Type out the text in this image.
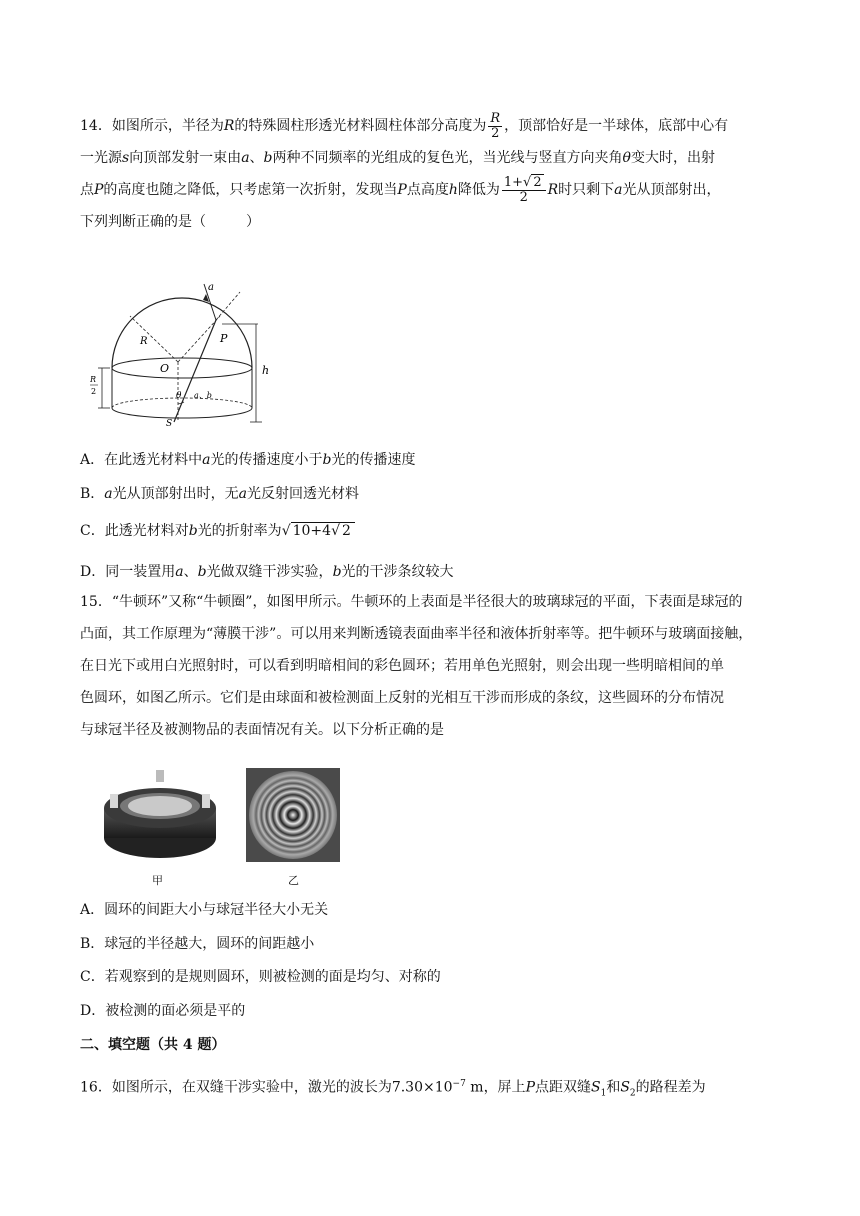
14．如图所示，半径为R的特殊圆柱形透光材料圆柱体部分高度为 $\frac{R}{2}$ ，顶部恰好是一半球体，底部中心有
一光源s向顶部发射一束由a、b两种不同频率的光组成的复色光，当光线与竖直方向夹角θ变大时，出射
点P的高度也随之降低，只考虑第一次折射，发现当P点高度h降低为 $\frac{1+√ 2}{2}$ R时只剩下a光从顶部射出，
下列判断正确的是（	）
a
R	P
O	h
R
2	θ a、b
S
A．在此透光材料中a光的传播速度小于b光的传播速度
B．a光从顶部射出时，无a光反射回透光材料
C．此透光材料对b光的折射率为√ 10+4√ 2
D．同一装置用a、b光做双缝干涉实验，b光的干涉条纹较大
15．“牛顿环”又称“牛顿圈”，如图甲所示。牛顿环的上表面是半径很大的玻璃球冠的平面，下表面是球冠的
凸面，其工作原理为“薄膜干涉”。可以用来判断透镜表面曲率半径和液体折射率等。把牛顿环与玻璃面接触，
在日光下或用白光照射时，可以看到明暗相间的彩色圆环；若用单色光照射，则会出现一些明暗相间的单
色圆环，如图乙所示。它们是由球面和被检测面上反射的光相互干涉而形成的条纹，这些圆环的分布情况
与球冠半径及被测物品的表面情况有关。以下分析正确的是
甲	乙
A．圆环的间距大小与球冠半径大小无关
B．球冠的半径越大，圆环的间距越小
C．若观察到的是规则圆环，则被检测的面是均匀、对称的
D．被检测的面必须是平的
二、填空题（共 4 题）
16．如图所示，在双缝干涉实验中，激光的波长为$7.30\times 10^{-7}$ m，屏上P点距双缝$S_1$和$S_2$的路程差为
